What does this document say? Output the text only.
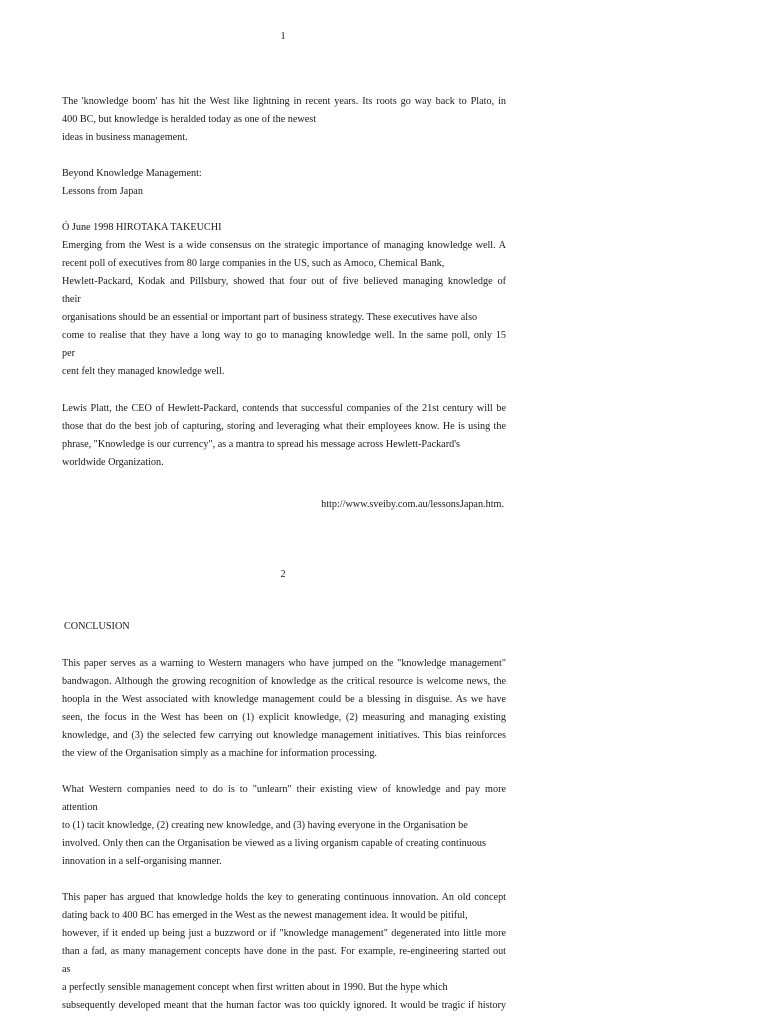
1
The 'knowledge boom' has hit the West like lightning in recent years. Its roots go way back to Plato, in
400 BC, but knowledge is heralded today as one of the newest
ideas in business management.
Beyond Knowledge Management:
Lessons from Japan
Ó June 1998 HIROTAKA TAKEUCHI
Emerging from the West is a wide consensus on the strategic importance of managing knowledge well. A
recent poll of executives from 80 large companies in the US, such as Amoco, Chemical Bank,
Hewlett-Packard, Kodak and Pillsbury, showed that four out of five believed managing knowledge of
their
organisations should be an essential or important part of business strategy. These executives have also
come to realise that they have a long way to go to managing knowledge well. In the same poll, only 15
per
cent felt they managed knowledge well.
Lewis Platt, the CEO of Hewlett-Packard, contends that successful companies of the 21st century will be
those that do the best job of capturing, storing and leveraging what their employees know. He is using the
phrase, "Knowledge is our currency", as a mantra to spread his message across Hewlett-Packard's
worldwide Organization.
http://www.sveiby.com.au/lessonsJapan.htm.
2
CONCLUSION
This paper serves as a warning to Western managers who have jumped on the "knowledge management"
bandwagon. Although the growing recognition of knowledge as the critical resource is welcome news, the
hoopla in the West associated with knowledge management could be a blessing in disguise. As we have
seen, the focus in the West has been on (1) explicit knowledge, (2) measuring and managing existing
knowledge, and (3) the selected few carrying out knowledge management initiatives. This bias reinforces
the view of the Organisation simply as a machine for information processing.
What Western companies need to do is to "unlearn" their existing view of knowledge and pay more
attention
to (1) tacit knowledge, (2) creating new knowledge, and (3) having everyone in the Organisation be
involved. Only then can the Organisation be viewed as a living organism capable of creating continuous
innovation in a self-organising manner.
This paper has argued that knowledge holds the key to generating continuous innovation. An old concept
dating back to 400 BC has emerged in the West as the newest management idea. It would be pitiful,
however, if it ended up being just a buzzword or if "knowledge management" degenerated into little more
than a fad, as many management concepts have done in the past. For example, re-engineering started out
as
a perfectly sensible management concept when first written about in 1990. But the hype which
subsequently developed meant that the human factor was too quickly ignored. It would be tragic if history
